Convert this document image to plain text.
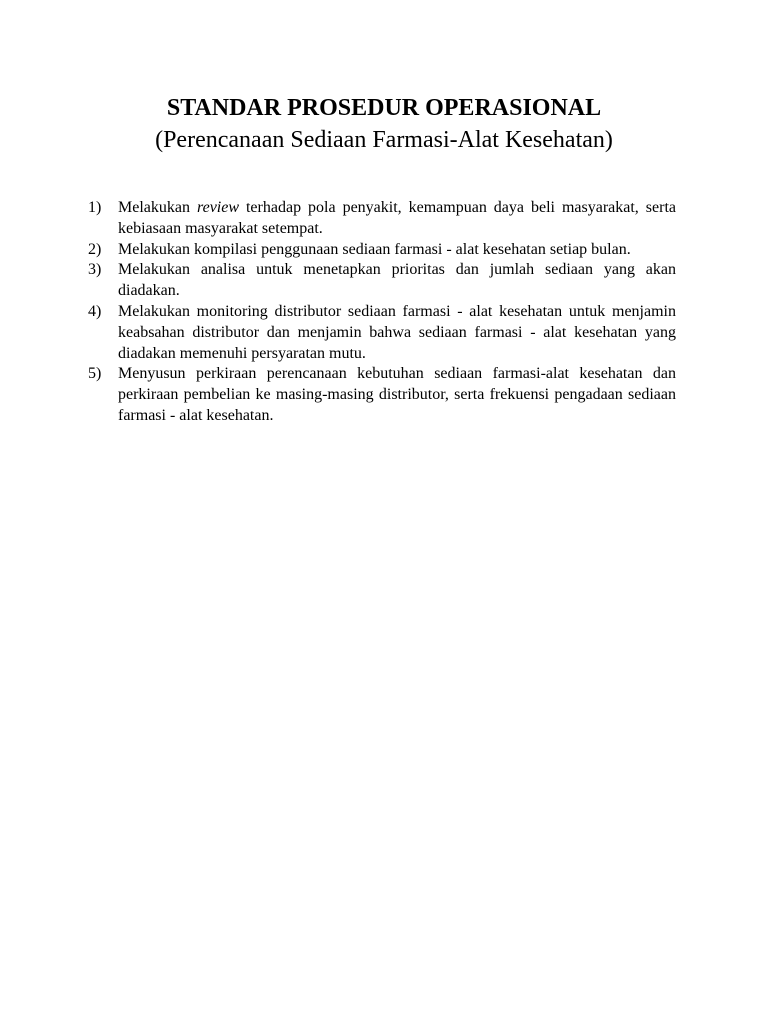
STANDAR PROSEDUR OPERASIONAL
(Perencanaan Sediaan Farmasi-Alat Kesehatan)
1)	Melakukan review terhadap pola penyakit, kemampuan daya beli masyarakat, serta kebiasaan masyarakat setempat.
2)	Melakukan kompilasi penggunaan sediaan farmasi - alat kesehatan setiap bulan.
3)	Melakukan analisa untuk menetapkan prioritas dan jumlah sediaan yang akan diadakan.
4)	Melakukan monitoring distributor sediaan farmasi - alat kesehatan untuk menjamin keabsahan distributor dan menjamin bahwa sediaan farmasi - alat kesehatan yang diadakan memenuhi persyaratan mutu.
5)	Menyusun perkiraan perencanaan kebutuhan sediaan farmasi-alat kesehatan dan perkiraan pembelian ke masing-masing distributor, serta frekuensi pengadaan sediaan farmasi - alat kesehatan.
